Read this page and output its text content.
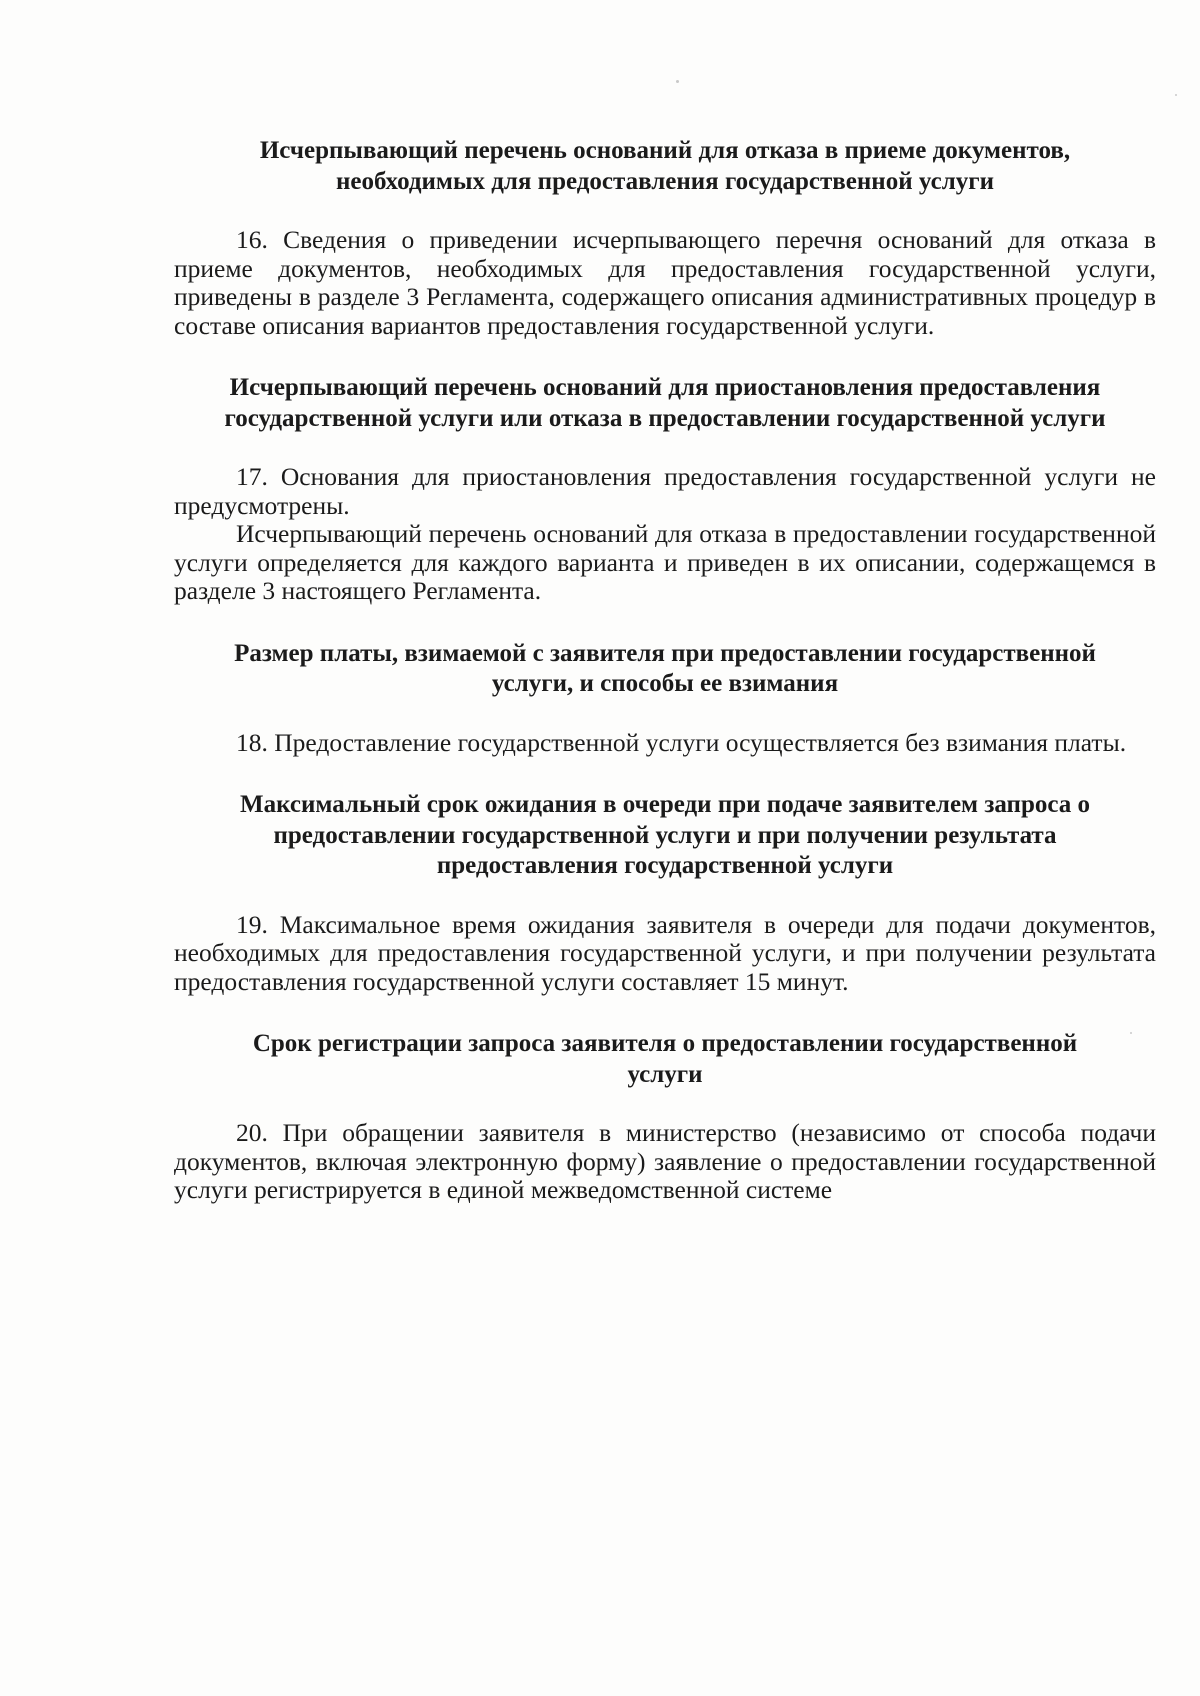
Исчерпывающий перечень оснований для отказа в приеме документов, необходимых для предоставления государственной услуги

16. Сведения о приведении исчерпывающего перечня оснований для отказа в приеме документов, необходимых для предоставления государственной услуги, приведены в разделе 3 Регламента, содержащего описания административных процедур в составе описания вариантов предоставления государственной услуги.

Исчерпывающий перечень оснований для приостановления предоставления государственной услуги или отказа в предоставлении государственной услуги

17. Основания для приостановления предоставления государственной услуги не предусмотрены.

Исчерпывающий перечень оснований для отказа в предоставлении государственной услуги определяется для каждого варианта и приведен в их описании, содержащемся в разделе 3 настоящего Регламента.

Размер платы, взимаемой с заявителя при предоставлении государственной услуги, и способы ее взимания

18. Предоставление государственной услуги осуществляется без взимания платы.

Максимальный срок ожидания в очереди при подаче заявителем запроса о предоставлении государственной услуги и при получении результата предоставления государственной услуги

19. Максимальное время ожидания заявителя в очереди для подачи документов, необходимых для предоставления государственной услуги, и при получении результата предоставления государственной услуги составляет 15 минут.

Срок регистрации запроса заявителя о предоставлении государственной услуги

20. При обращении заявителя в министерство (независимо от способа подачи документов, включая электронную форму) заявление о предоставлении государственной услуги регистрируется в единой межведомственной системе
